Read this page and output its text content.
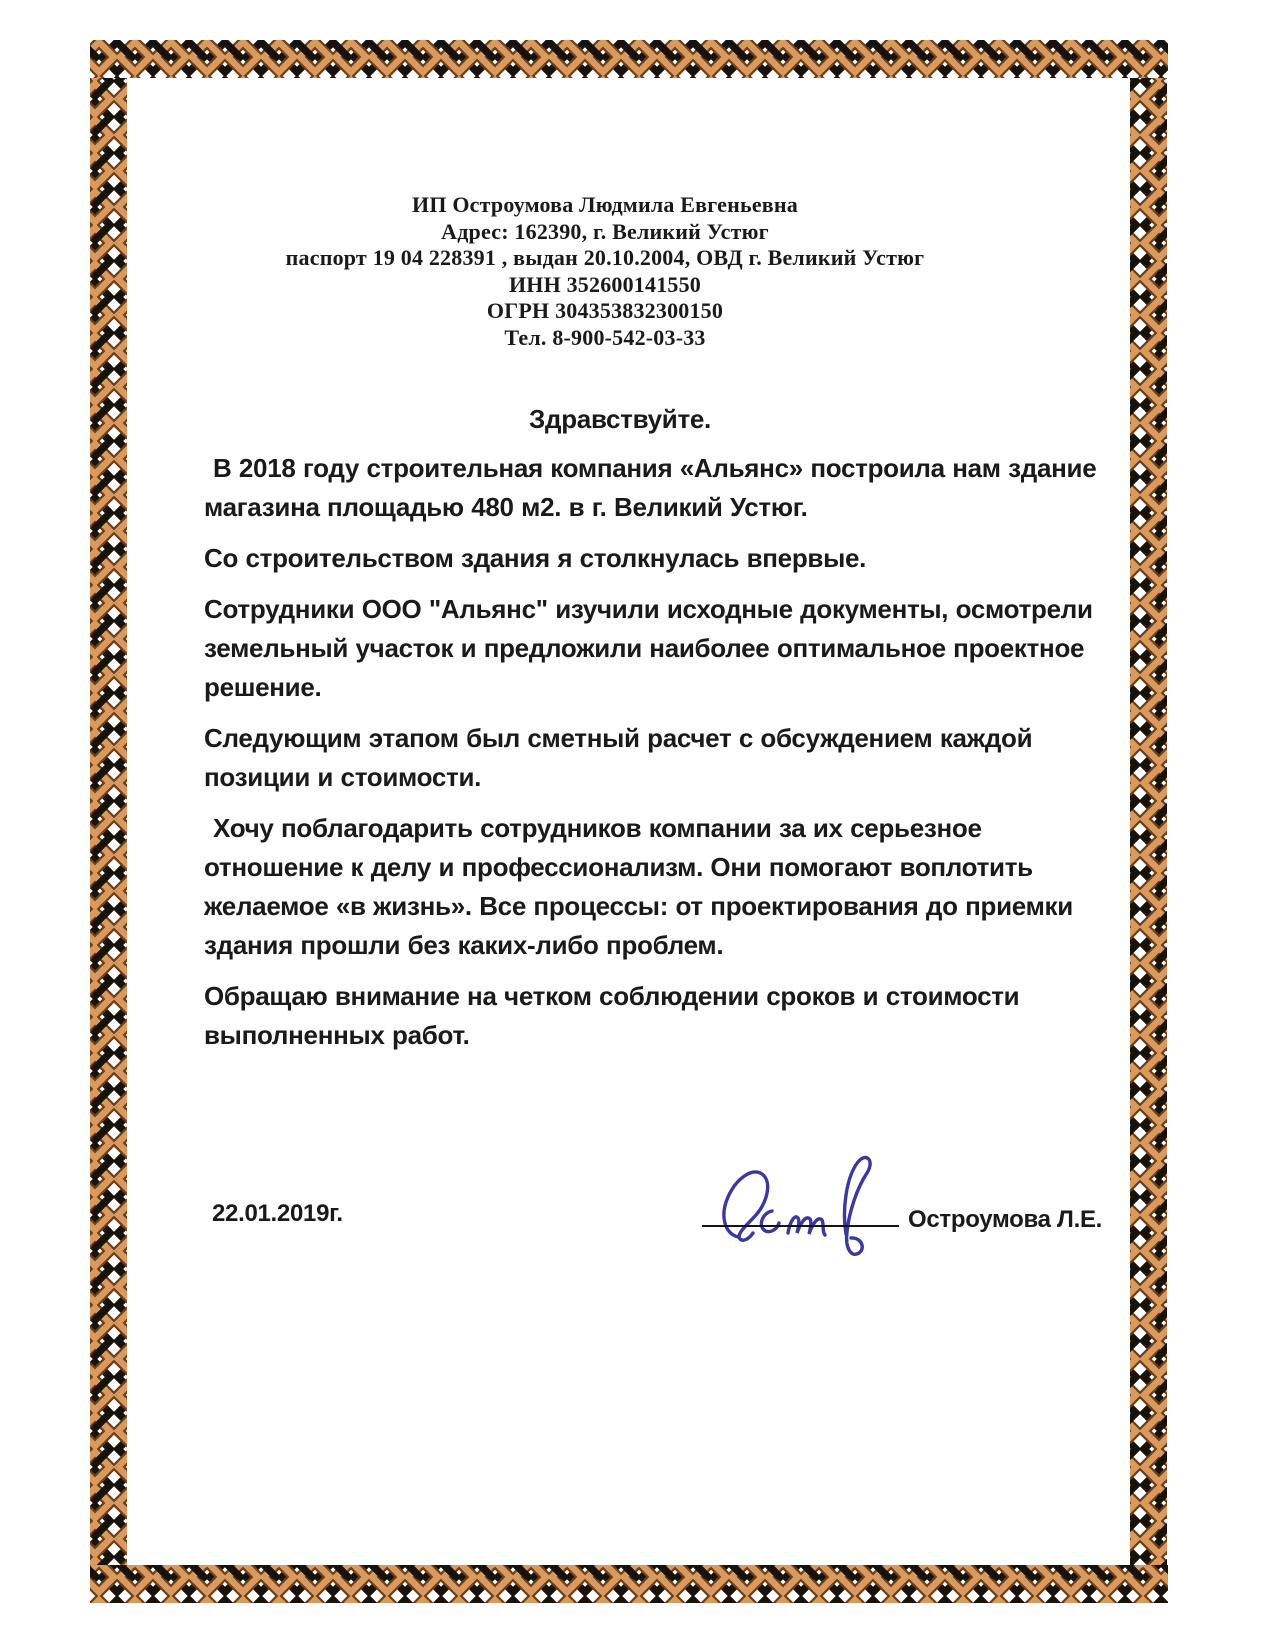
ИП Остроумова Людмила Евгеньевна
Адрес: 162390, г. Великий Устюг
паспорт 19 04 228391 , выдан 20.10.2004, ОВД г. Великий Устюг
ИНН 352600141550
ОГРН 304353832300150
Тел. 8-900-542-03-33
Здравствуйте.

В 2018 году строительная компания «Альянс» построила нам здание магазина площадью 480 м2. в г. Великий Устюг.

Со строительством здания я столкнулась впервые.

Сотрудники ООО "Альянс" изучили исходные документы, осмотрели земельный участок и предложили наиболее оптимальное проектное решение.

Следующим этапом был сметный расчет с обсуждением каждой позиции и стоимости.

Хочу поблагодарить сотрудников компании за их серьезное отношение к делу и профессионализм. Они помогают воплотить желаемое «в жизнь». Все процессы: от проектирования до приемки здания прошли без каких-либо проблем.

Обращаю внимание на четком соблюдении сроков и стоимости выполненных работ.

22.01.2019г.	Остроумова Л.Е.
